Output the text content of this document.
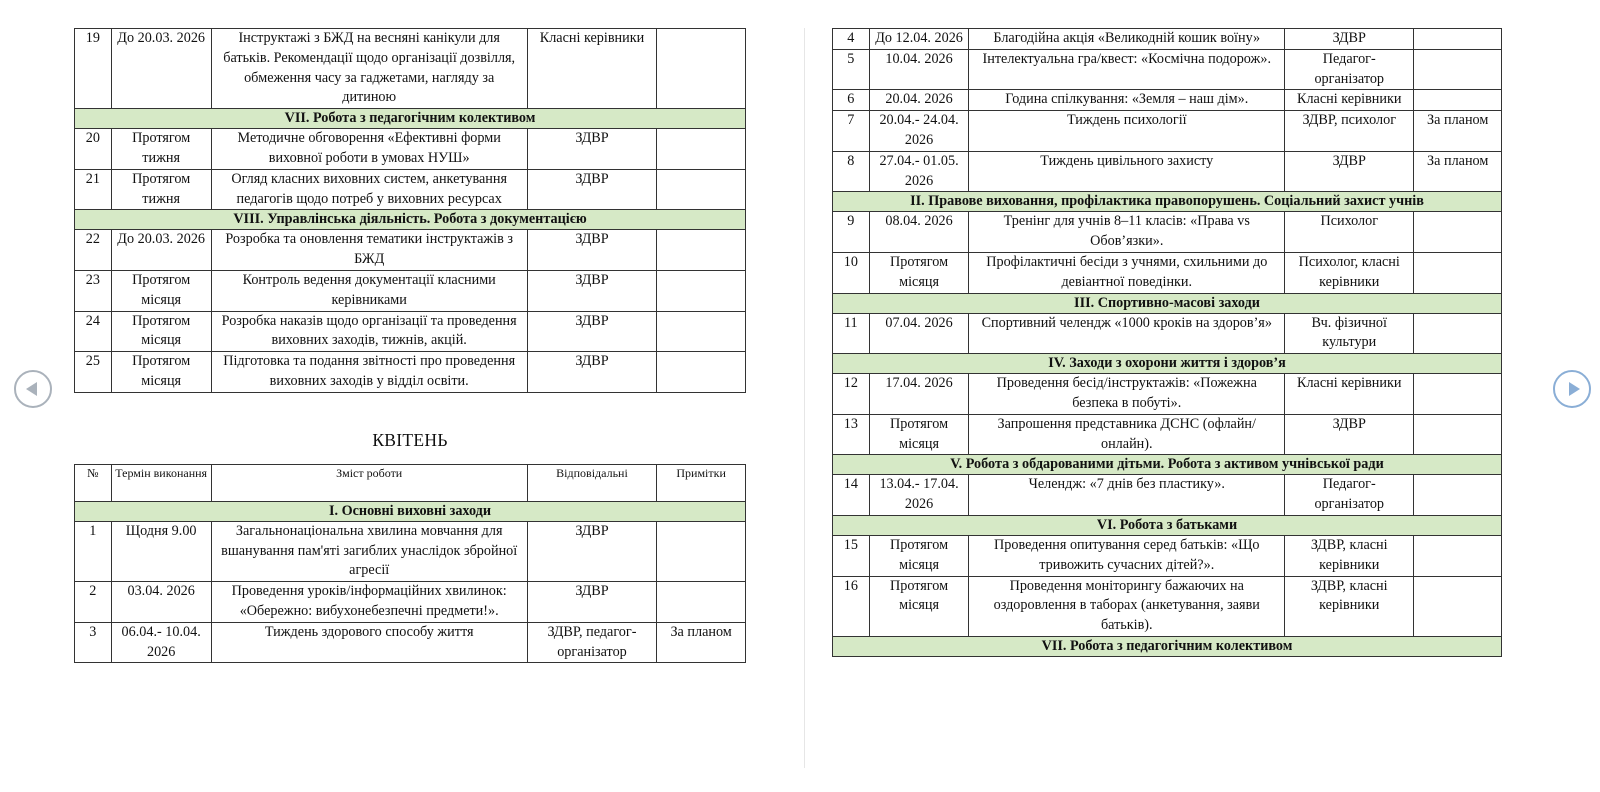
19	До 20.03. 2026	Інструктажі з БЖД на весняні канікули для батьків. Рекомендації щодо організації дозвілля, обмеження часу за гаджетами, нагляду за дитиною	Класні керівники	
VII. Робота з педагогічним колективом				
20	Протягом тижня	Методичне обговорення «Ефективні форми виховної роботи в умовах НУШ»	ЗДВР	
21	Протягом тижня	Огляд класних виховних систем, анкетування педагогів щодо потреб у виховних ресурсах	ЗДВР	
VIII. Управлінська діяльність. Робота з документацією				
22	До 20.03. 2026	Розробка та оновлення тематики інструктажів з БЖД	ЗДВР	
23	Протягом місяця	Контроль ведення документації класними керівниками	ЗДВР	
24	Протягом місяця	Розробка наказів щодо організації та проведення виховних заходів, тижнів, акцій.	ЗДВР	
25	Протягом місяця	Підготовка та подання звітності про проведення виховних заходів у відділ освіти.	ЗДВР	
КВІТЕНЬ
№	Термін виконання	Зміст роботи	Відповідальні	Примітки
I. Основні виховні заходи				
1	Щодня 9.00	Загальнонаціональна хвилина мовчання для вшанування пам'яті загиблих унаслідок збройної агресії	ЗДВР	
2	03.04. 2026	Проведення уроків/інформаційних хвилинок: «Обережно: вибухонебезпечні предмети!».	ЗДВР	
3	06.04.- 10.04. 2026	Тиждень здорового способу життя	ЗДВР, педагог-організатор	За планом
4	До 12.04. 2026	Благодійна акція «Великодній кошик воїну»	ЗДВР	
5	10.04. 2026	Інтелектуальна гра/квест: «Космічна подорож».	Педагог-організатор	
6	20.04. 2026	Година спілкування: «Земля – наш дім».	Класні керівники	
7	20.04.- 24.04. 2026	Тиждень психології	ЗДВР, психолог	За планом
8	27.04.- 01.05. 2026	Тиждень цивільного захисту	ЗДВР	За планом
II. Правове виховання, профілактика правопорушень. Соціальний захист учнів				
9	08.04. 2026	Тренінг для учнів 8–11 класів: «Права vs Обов’язки».	Психолог	
10	Протягом місяця	Профілактичні бесіди з учнями, схильними до девіантної поведінки.	Психолог, класні керівники	
III. Спортивно-масові заходи				
11	07.04. 2026	Спортивний челендж «1000 кроків на здоров’я»	Вч. фізичної культури	
IV. Заходи з охорони життя і здоров’я				
12	17.04. 2026	Проведення бесід/інструктажів: «Пожежна безпека в побуті».	Класні керівники	
13	Протягом місяця	Запрошення представника ДСНС (офлайн/онлайн).	ЗДВР	
V. Робота з обдарованими дітьми. Робота з активом учнівської ради				
14	13.04.- 17.04. 2026	Челендж: «7 днів без пластику».	Педагог-організатор	
VI. Робота з батьками				
15	Протягом місяця	Проведення опитування серед батьків: «Що тривожить сучасних дітей?».	ЗДВР, класні керівники	
16	Протягом місяця	Проведення моніторингу бажаючих на оздоровлення в таборах (анкетування, заяви батьків).	ЗДВР, класні керівники	
VII. Робота з педагогічним колективом				
